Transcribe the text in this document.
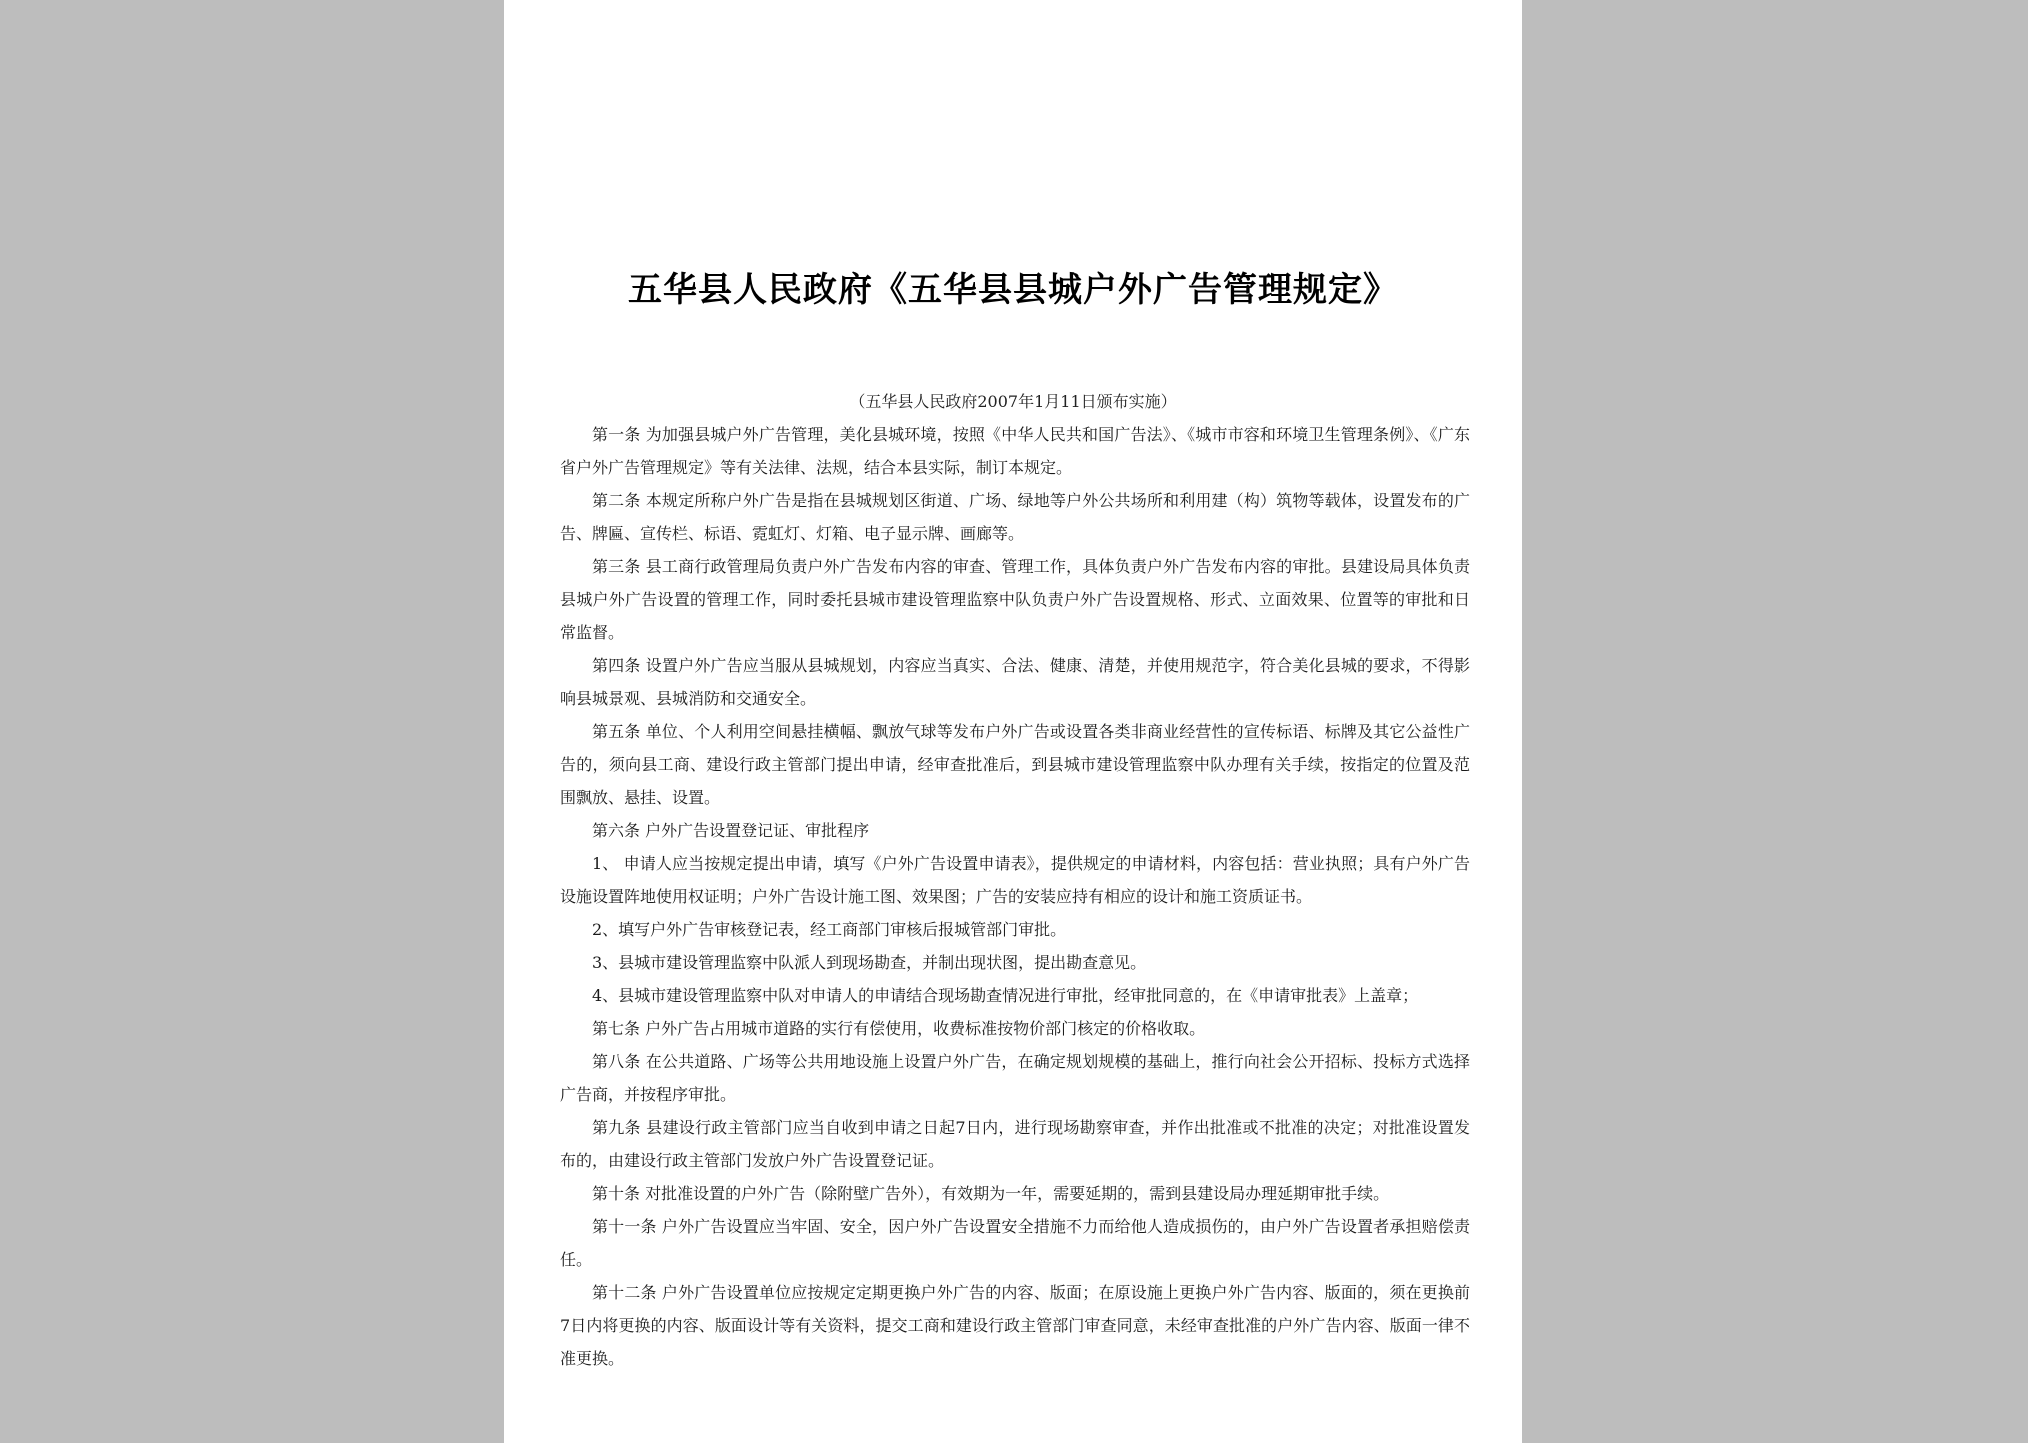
五华县人民政府《五华县县城户外广告管理规定》
（五华县人民政府2007年1月11日颁布实施）

第一条 为加强县城户外广告管理，美化县城环境，按照《中华人民共和国广告法》、《城市市容和环境卫生管理条例》、《广东省户外广告管理规定》等有关法律、法规，结合本县实际，制订本规定。

第二条 本规定所称户外广告是指在县城规划区街道、广场、绿地等户外公共场所和利用建（构）筑物等载体，设置发布的广告、牌匾、宣传栏、标语、霓虹灯、灯箱、电子显示牌、画廊等。

第三条 县工商行政管理局负责户外广告发布内容的审查、管理工作，具体负责户外广告发布内容的审批。县建设局具体负责县城户外广告设置的管理工作，同时委托县城市建设管理监察中队负责户外广告设置规格、形式、立面效果、位置等的审批和日常监督。

第四条 设置户外广告应当服从县城规划，内容应当真实、合法、健康、清楚，并使用规范字，符合美化县城的要求，不得影响县城景观、县城消防和交通安全。

第五条 单位、个人利用空间悬挂横幅、飘放气球等发布户外广告或设置各类非商业经营性的宣传标语、标牌及其它公益性广告的，须向县工商、建设行政主管部门提出申请，经审查批准后，到县城市建设管理监察中队办理有关手续，按指定的位置及范围飘放、悬挂、设置。

第六条 户外广告设置登记证、审批程序

1、 申请人应当按规定提出申请，填写《户外广告设置申请表》，提供规定的申请材料，内容包括：营业执照；具有户外广告设施设置阵地使用权证明；户外广告设计施工图、效果图；广告的安装应持有相应的设计和施工资质证书。

2、填写户外广告审核登记表，经工商部门审核后报城管部门审批。

3、县城市建设管理监察中队派人到现场勘查，并制出现状图，提出勘查意见。

4、县城市建设管理监察中队对申请人的申请结合现场勘查情况进行审批，经审批同意的，在《申请审批表》上盖章；

第七条 户外广告占用城市道路的实行有偿使用，收费标准按物价部门核定的价格收取。

第八条 在公共道路、广场等公共用地设施上设置户外广告，在确定规划规模的基础上，推行向社会公开招标、投标方式选择广告商，并按程序审批。

第九条 县建设行政主管部门应当自收到申请之日起7日内，进行现场勘察审查，并作出批准或不批准的决定；对批准设置发布的，由建设行政主管部门发放户外广告设置登记证。

第十条 对批准设置的户外广告（除附壁广告外），有效期为一年，需要延期的，需到县建设局办理延期审批手续。

第十一条 户外广告设置应当牢固、安全，因户外广告设置安全措施不力而给他人造成损伤的，由户外广告设置者承担赔偿责任。

第十二条 户外广告设置单位应按规定定期更换户外广告的内容、版面；在原设施上更换户外广告内容、版面的，须在更换前7日内将更换的内容、版面设计等有关资料，提交工商和建设行政主管部门审查同意，未经审查批准的户外广告内容、版面一律不准更换。
